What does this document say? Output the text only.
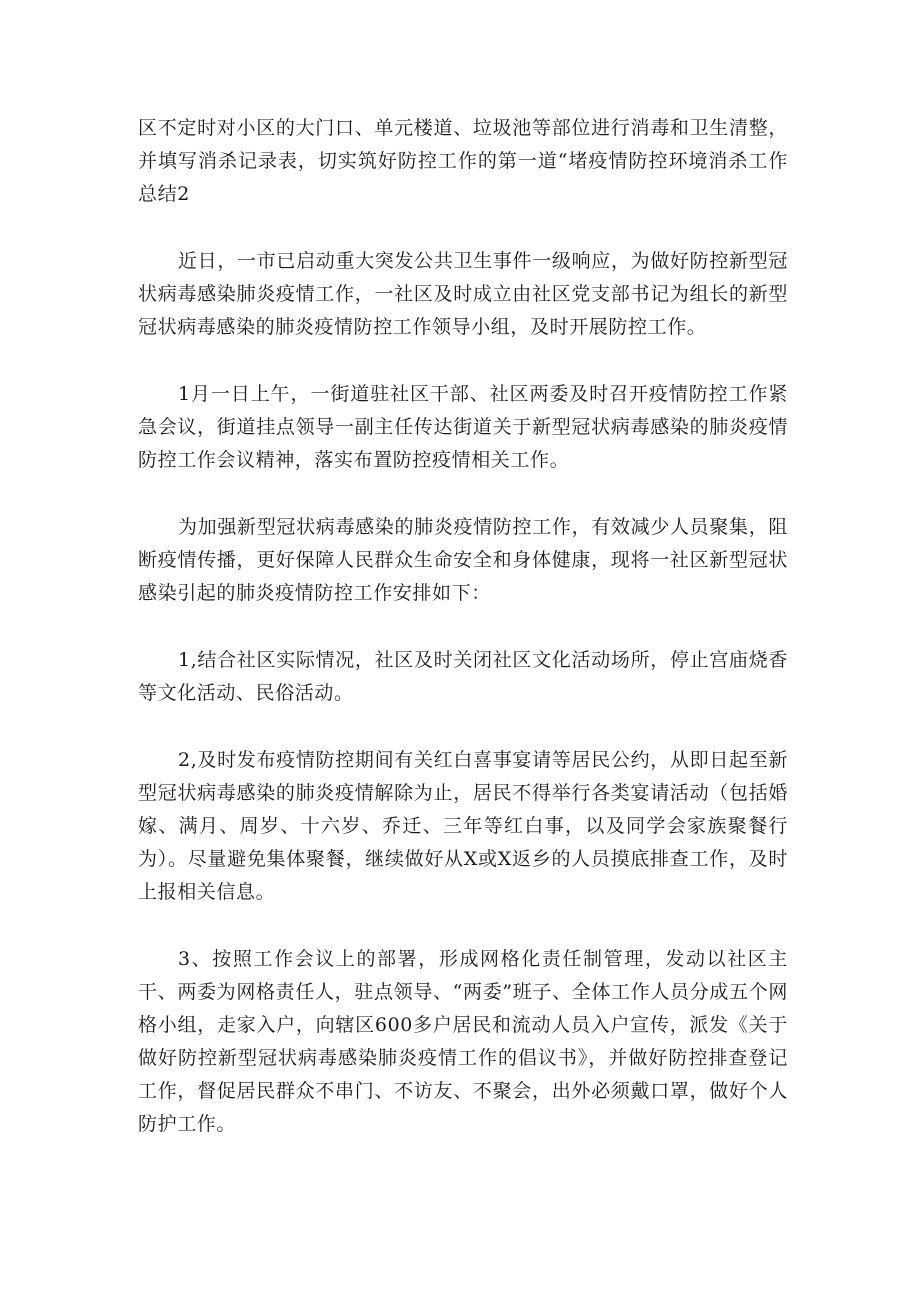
区不定时对小区的大门口、单元楼道、垃圾池等部位进行消毒和卫生清整，并填写消杀记录表，切实筑好防控工作的第一道“堵疫情防控环境消杀工作总结2

近日，一市已启动重大突发公共卫生事件一级响应，为做好防控新型冠状病毒感染肺炎疫情工作，一社区及时成立由社区党支部书记为组长的新型冠状病毒感染的肺炎疫情防控工作领导小组，及时开展防控工作。

1月一日上午，一街道驻社区干部、社区两委及时召开疫情防控工作紧急会议，街道挂点领导一副主任传达街道关于新型冠状病毒感染的肺炎疫情防控工作会议精神，落实布置防控疫情相关工作。

为加强新型冠状病毒感染的肺炎疫情防控工作，有效减少人员聚集，阻断疫情传播，更好保障人民群众生命安全和身体健康，现将一社区新型冠状感染引起的肺炎疫情防控工作安排如下：

1,结合社区实际情况，社区及时关闭社区文化活动场所，停止宫庙烧香等文化活动、民俗活动。

2,及时发布疫情防控期间有关红白喜事宴请等居民公约，从即日起至新型冠状病毒感染的肺炎疫情解除为止，居民不得举行各类宴请活动（包括婚嫁、满月、周岁、十六岁、乔迁、三年等红白事，以及同学会家族聚餐行为）。尽量避免集体聚餐，继续做好从X或X返乡的人员摸底排查工作，及时上报相关信息。

3、按照工作会议上的部署，形成网格化责任制管理，发动以社区主干、两委为网格责任人，驻点领导、“两委”班子、全体工作人员分成五个网格小组，走家入户，向辖区600多户居民和流动人员入户宣传，派发《关于做好防控新型冠状病毒感染肺炎疫情工作的倡议书》，并做好防控排查登记工作，督促居民群众不串门、不访友、不聚会，出外必须戴口罩，做好个人防护工作。
